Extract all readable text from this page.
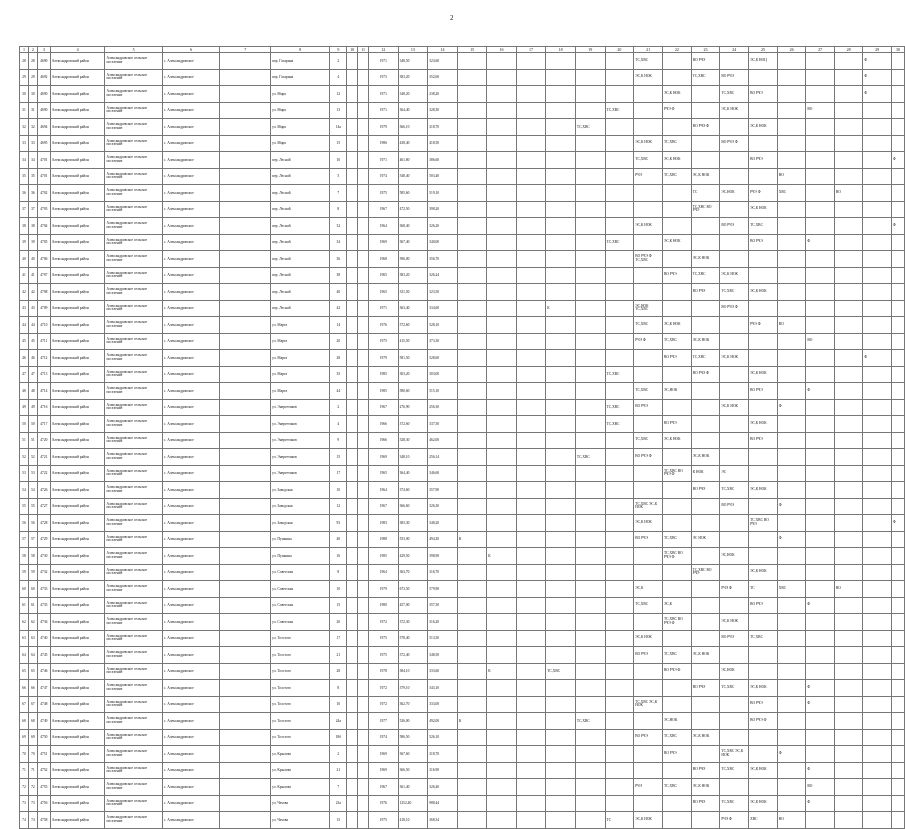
2
1	2	3	4	5	6	7	8	9	10	11	12	13	14	15	16	17	18	19	20	21	22	23	24	25	26	27	28	29	30
28	28	4690	Александровский район	Александровское сельское поселение	с. Александровское		пер. Гагарина	2			1971	348,50	323,60							ТС,ХВС		ВО РЧЭ		ЭС,К НОЦ				Ф	
29	29	4692	Александровский район	Александровское сельское поселение	с. Александровское		пер. Гагарина	4			1973	383,20	352,60							ЭС,К НОК		ТС,ХВС	ВО РЧЭ					Ф	
30	30	4690	Александровский район	Александровское сельское поселение	с. Александровское		ул. Мира	12			1971	348,20	238,20								ЭС,К НОК		ТС,ХВС	ВО РЧЭ				Ф	
31	31	4690	Александровский район	Александровское сельское поселение	с. Александровское		ул. Мира	13			1971	364,40	328,30						ТС,ХВС		РЧЭ Ф		ЭС,К НОК			ВО			
32	32	4694	Александровский район	Александровское сельское поселение	с. Александровское		ул. Мира	14а			1979	366,10	318,70					ТС,ХВС				ВО РЧЭ Ф		ЭС,К НОК					
33	33	4695	Александровский район	Александровское сельское поселение	с. Александровское		ул. Мира	15			1986	438,40	418,50							ЭС,К НОК	ТС,ХВС		ВО РЧЭ Ф						
34	34	4701	Александровский район	Александровское сельское поселение	с. Александровское		пер. Лесной	10			1971	461,80	386,60							ТС,ХВС	ЭС,К НОК			ВО РЧЭ					Ф
35	35	4701	Александровский район	Александровское сельское поселение	с. Александровское		пер. Лесной	5			1974	548,40	503,40							РЧЭ	ТС,ХВС	ЭС,К НОК			ВО				
36	36	4702	Александровский район	Александровское сельское поселение	с. Александровское		пер. Лесной	7			1975	585,60	519,10									ТС	ЭС,НОК	РЧЭ Ф	ХВС		ВО		
37	37	4703	Александровский район	Александровское сельское поселение	с. Александровское		пер. Лесной	8			1967	472,50	398,20									ТС,ХВС ВО РЧЭ		ЭС,К НОК					
38	38	4704	Александровский район	Александровское сельское поселение	с. Александровское		пер. Лесной	32			1964	368,40	326,20							ЭС,К НОК			ВО РЧЭ	ТС,ХВС					Ф
39	39	4705	Александровский район	Александровское сельское поселение	с. Александровское		пер. Лесной	34			1969	367,40	340,00						ТС,ХВС		ЭС,К НОК			ВО РЧЭ		Ф			
40	40	4706	Александровский район	Александровское сельское поселение	с. Александровское		пер. Лесной	36			1968	396,00	356,70							ВО РЧЭ Ф ТС,ХВС		ЭС,К НОК							
41	41	4707	Александровский район	Александровское сельское поселение	с. Александровское		пер. Лесной	38			1965	383,20	326,24								ВО РЧЭ	ТС,ХВС	ЭС,К НОК						
42	42	4708	Александровский район	Александровское сельское поселение	с. Александровское		пер. Лесной	40			1965	331,50	323,50									ВО РЧЭ	ТС,ХВС	ЭС,К НОК					
43	43	4709	Александровский район	Александровское сельское поселение	с. Александровское		пер. Лесной	42			1971	363,40	334,60				К			ЭС,НОК ТС,ХВС			ВО РЧЭ Ф						
44	44	4710	Александровский район	Александровское сельское поселение	с. Александровское		ул. Марта	14			1976	572,60	528,10							ТС,ХВС	ЭС,К НОК			РЧЭ Ф	ВО				
45	45	4711	Александровский район	Александровское сельское поселение	с. Александровское		ул. Марта	20			1975	415,50	373,30							РЧЭ Ф	ТС,ХВС	ЭС,К НОК				ВО			
46	46	4712	Александровский район	Александровское сельское поселение	с. Александровское		ул. Марта	28			1979	581,50	528,60								ВО РЧЭ	ТС,ХВС	ЭС,К НОК					Ф	
47	47	4713	Александровский район	Александровское сельское поселение	с. Александровское		ул. Марта	35			1985	303,20	303,00						ТС,ХВС			ВО РЧЭ Ф		ЭС,К НОК					
48	48	4714	Александровский район	Александровское сельское поселение	с. Александровское		ул. Марта	44			1985	580,60	515,10							ТС,ХВС	ЭС,НОК			ВО РЧЭ		Ф			
49	49	4716	Александровский район	Александровское сельское поселение	с. Александровское		ул. Энергетиков	2			1967	276,90	256,30						ТС,ХВС	ВО РЧЭ			ЭС,К НОК		Ф				
50	50	4717	Александровский район	Александровское сельское поселение	с. Александровское		ул. Энергетиков	4			1966	372,60	337,50						ТС,ХВС		ВО РЧЭ			ЭС,К НОК					
51	51	4720	Александровский район	Александровское сельское поселение	с. Александровское		ул. Энергетиков	9			1966	528,30	462,00							ТС,ХВС	ЭС,К НОК			ВО РЧЭ					
52	52	4721	Александровский район	Александровское сельское поселение	с. Александровское		ул. Энергетиков	15			1969	348,10	256,14					ТС,ХВС		ВО РЧЭ Ф		ЭС,К НОК							
53	53	4722	Александровский район	Александровское сельское поселение	с. Александровское		ул. Энергетиков	17			1965	364,40	346,60								ТС,ХВС ВО РЧЭ Ф	К НОК	ЭС						
54	54	4726	Александровский район	Александровское сельское поселение	с. Александровское		ул. Заводская	10			1964	374,60	357,90									ВО РЧЭ	ТС,ХВС	ЭС,К НОК					
55	55	4727	Александровский район	Александровское сельское поселение	с. Александровское		ул. Заводская	12			1967	366,60	326,30							ТС,ХВС ЭС,К НОК			ВО РЧЭ		Ф				
56	56	4728	Александровский район	Александровское сельское поселение	с. Александровское		ул. Заводская	93			1983	383,30	348,20							ЭС,К НОК				ТС,ХВС ВО РЧЭ					Ф
57	57	4729	Александровский район	Александровское сельское поселение	с. Александровское		ул. Пушкина	40			1988	553,00	494,30	К						ВО РЧЭ	ТС,ХВС	ЭС НОК			Ф				
58	58	4730	Александровский район	Александровское сельское поселение	с. Александровское		ул. Пушкина	16			1985	429,50	398,90		К						ТС,ХВС ВО РЧЭ Ф		ЭС,НОК						
59	59	4732	Александровский район	Александровское сельское поселение	с. Александровское		ул. Советская	8			1964	363,70	316,70									ТС,ХВС ВО РЧЭ		ЭС,К НОК					
60	60	4733	Александровский район	Александровское сельское поселение	с. Александровское		ул. Советская	10			1979	673,50	579,90							ЭС,К			РЧЭ Ф	ТС	ХВС		ВО		
61	61	4735	Александровский район	Александровское сельское поселение	с. Александровское		ул. Советская	15			1980	457,00	357,50							ТС,ХВС	ЭС,К			ВО РЧЭ		Ф			
62	62	4736	Александровский район	Александровское сельское поселение	с. Александровское		ул. Советская	20			1972	372,30	316,20								ТС,ХВС ВО РЧЭ Ф		ЭС,К НОК						
63	63	4740	Александровский район	Александровское сельское поселение	с. Александровское		ул. Толстого	17			1975	578,40	513,50							ЭС,К НОК			ВО РЧЭ	ТС,ХВС					
64	64	4745	Александровский район	Александровское сельское поселение	с. Александровское		ул. Толстого	21			1975	372,40	348,50							ВО РЧЭ	ТС,ХВС	ЭС,К НОК							
65	65	4746	Александровский район	Александровское сельское поселение	с. Александровское		ул. Толстого	28			1978	384,10	333,60		К		ТС,ХВС				ВО РЧЭ Ф		ЭС,НОК						
66	66	4747	Александровский район	Александровское сельское поселение	с. Александровское		ул. Толстого	8			1972	379,10	343,10									ВО РЧЭ	ТС,ХВС	ЭС,К НОК		Ф			
67	67	4748	Александровский район	Александровское сельское поселение	с. Александровское		ул. Толстого	10			1972	362,70	333,00							ТС,ХВС ЭС,К НОК				ВО РЧЭ		Ф			
68	68	4749	Александровский район	Александровское сельское поселение	с. Александровское		ул. Толстого	24а			1977	526,00	492,00	К				ТС,ХВС			ЭС,НОК			ВО РЧЭ Ф					
69	69	4750	Александровский район	Александровское сельское поселение	с. Александровское		ул. Толстого	18б			1974	586,50	526,10							ВО РЧЭ	ТС,ХВС	ЭС,К НОК							
70	70	4751	Александровский район	Александровское сельское поселение	с. Александровское		ул. Крылова	2			1969	367,60	318,70								ВО РЧЭ		ТС,ХВС ЭС,К НОК		Ф				
71	71	4752	Александровский район	Александровское сельское поселение	с. Александровское		ул. Крылова	21			1969	366,50	316,90									ВО РЧЭ	ТС,ХВС	ЭС,К НОК		Ф			
72	72	4755	Александровский район	Александровское сельское поселение	с. Александровское		ул. Крылова	7			1967	361,40	326,40							РЧЭ	ТС,ХВС	ЭС,К НОК				ВО			
73	73	4756	Александровский район	Александровское сельское поселение	с. Александровское		ул. Чехова	23а			1976	1252,40	988,44									ВО РЧЭ	ТС,ХВС	ЭС,К НОК		Ф			
74	74	4758	Александровский район	Александровское сельское поселение	с. Александровское		ул. Чехова	15			1975	418,10	368,34						ТС	ЭС,К НОК			РЧЭ Ф	ХВС	ВО				
